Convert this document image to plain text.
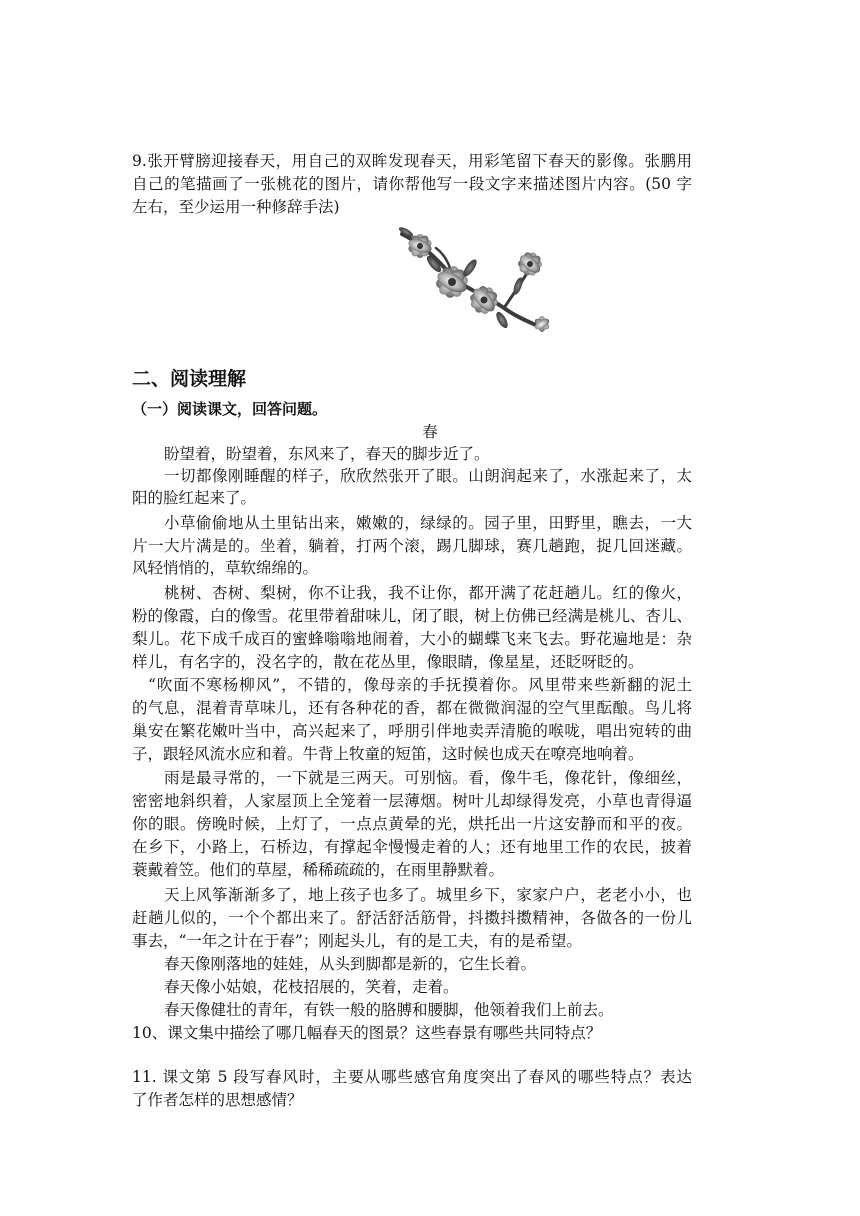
9.张开臂膀迎接春天，用自己的双眸发现春天，用彩笔留下春天的影像。张鹏用
自己的笔描画了一张桃花的图片，请你帮他写一段文字来描述图片内容。(50 字
左右，至少运用一种修辞手法)
二、阅读理解
（一）阅读课文，回答问题。
春
盼望着，盼望着，东风来了，春天的脚步近了。
一切都像刚睡醒的样子，欣欣然张开了眼。山朗润起来了，水涨起来了，太
阳的脸红起来了。
小草偷偷地从土里钻出来，嫩嫩的，绿绿的。园子里，田野里，瞧去，一大
片一大片满是的。坐着，躺着，打两个滚，踢几脚球，赛几趟跑，捉几回迷藏。
风轻悄悄的，草软绵绵的。
桃树、杏树、梨树，你不让我，我不让你，都开满了花赶趟儿。红的像火，
粉的像霞，白的像雪。花里带着甜味儿，闭了眼，树上仿佛已经满是桃儿、杏儿、
梨儿。花下成千成百的蜜蜂嗡嗡地闹着，大小的蝴蝶飞来飞去。野花遍地是：杂
样儿，有名字的，没名字的，散在花丛里，像眼睛，像星星，还眨呀眨的。
“吹面不寒杨柳风”，不错的，像母亲的手抚摸着你。风里带来些新翻的泥土
的气息，混着青草味儿，还有各种花的香，都在微微润湿的空气里酝酿。鸟儿将
巢安在繁花嫩叶当中，高兴起来了，呼朋引伴地卖弄清脆的喉咙，唱出宛转的曲
子，跟轻风流水应和着。牛背上牧童的短笛，这时候也成天在嘹亮地响着。
雨是最寻常的，一下就是三两天。可别恼。看，像牛毛，像花针，像细丝，
密密地斜织着，人家屋顶上全笼着一层薄烟。树叶儿却绿得发亮，小草也青得逼
你的眼。傍晚时候，上灯了，一点点黄晕的光，烘托出一片这安静而和平的夜。
在乡下，小路上，石桥边，有撑起伞慢慢走着的人；还有地里工作的农民，披着
蓑戴着笠。他们的草屋，稀稀疏疏的，在雨里静默着。
天上风筝渐渐多了，地上孩子也多了。城里乡下，家家户户，老老小小，也
赶趟儿似的，一个个都出来了。舒活舒活筋骨，抖擞抖擞精神，各做各的一份儿
事去，“一年之计在于春”；刚起头儿，有的是工夫，有的是希望。
春天像刚落地的娃娃，从头到脚都是新的，它生长着。
春天像小姑娘，花枝招展的，笑着，走着。
春天像健壮的青年，有铁一般的胳膊和腰脚，他领着我们上前去。
10、课文集中描绘了哪几幅春天的图景？这些春景有哪些共同特点？
11. 课文第 5 段写春风时，主要从哪些感官角度突出了春风的哪些特点？表达
了作者怎样的思想感情？
